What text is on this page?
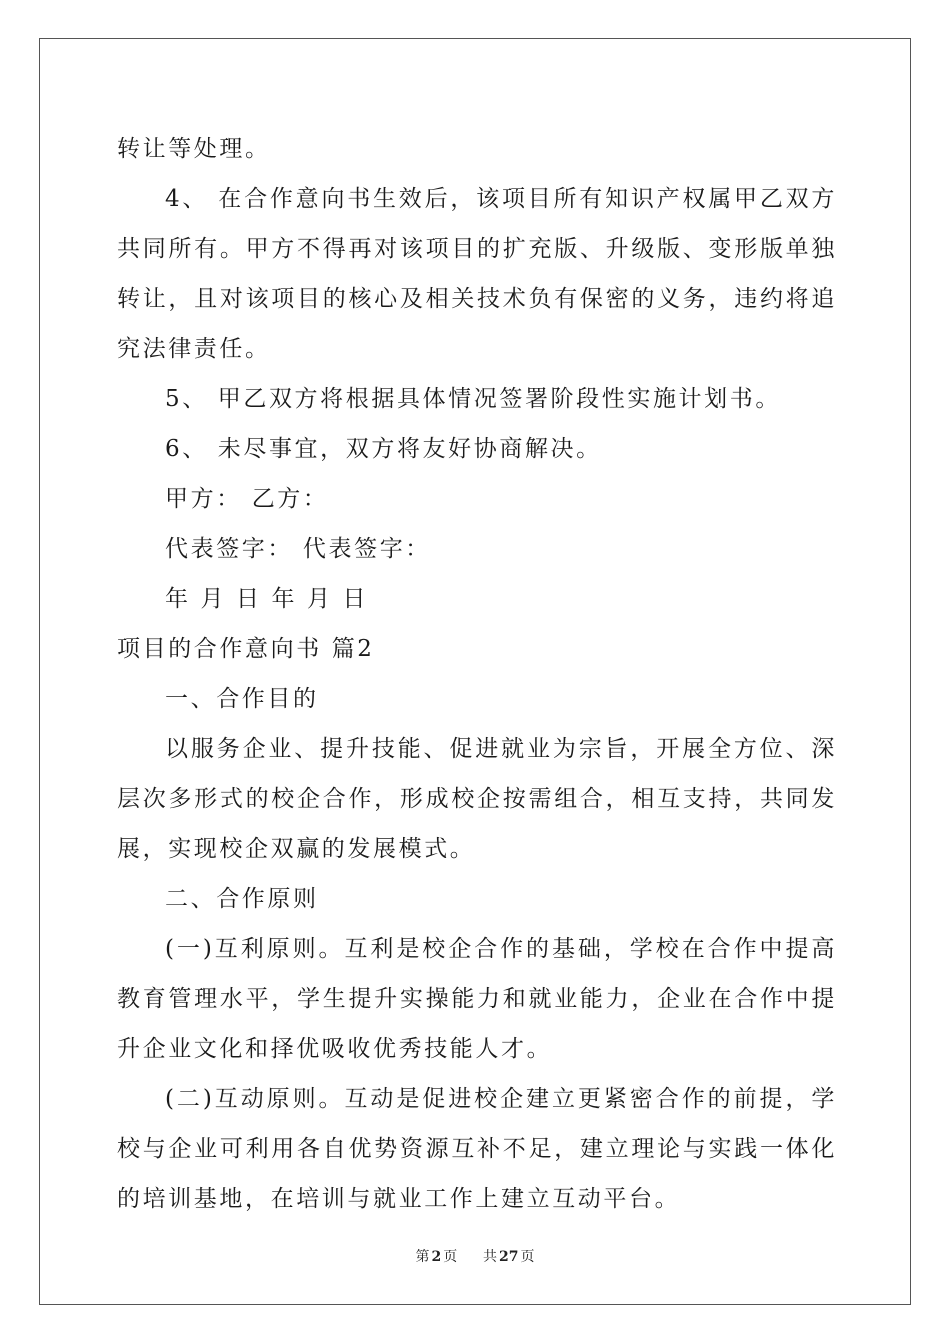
转让等处理。

4、 在合作意向书生效后，该项目所有知识产权属甲乙双方共同所有。甲方不得再对该项目的扩充版、升级版、变形版单独转让，且对该项目的核心及相关技术负有保密的义务，违约将追究法律责任。

5、 甲乙双方将根据具体情况签署阶段性实施计划书。

6、 未尽事宜，双方将友好协商解决。

甲方： 乙方：

代表签字： 代表签字：

年 月 日 年 月 日

项目的合作意向书 篇2

一、合作目的

以服务企业、提升技能、促进就业为宗旨，开展全方位、深层次多形式的校企合作，形成校企按需组合，相互支持，共同发展，实现校企双赢的发展模式。

二、合作原则

(一)互利原则。互利是校企合作的基础，学校在合作中提高教育管理水平，学生提升实操能力和就业能力，企业在合作中提升企业文化和择优吸收优秀技能人才。

(二)互动原则。互动是促进校企建立更紧密合作的前提，学校与企业可利用各自优势资源互补不足，建立理论与实践一体化的培训基地，在培训与就业工作上建立互动平台。

第 2 页 共 27 页
